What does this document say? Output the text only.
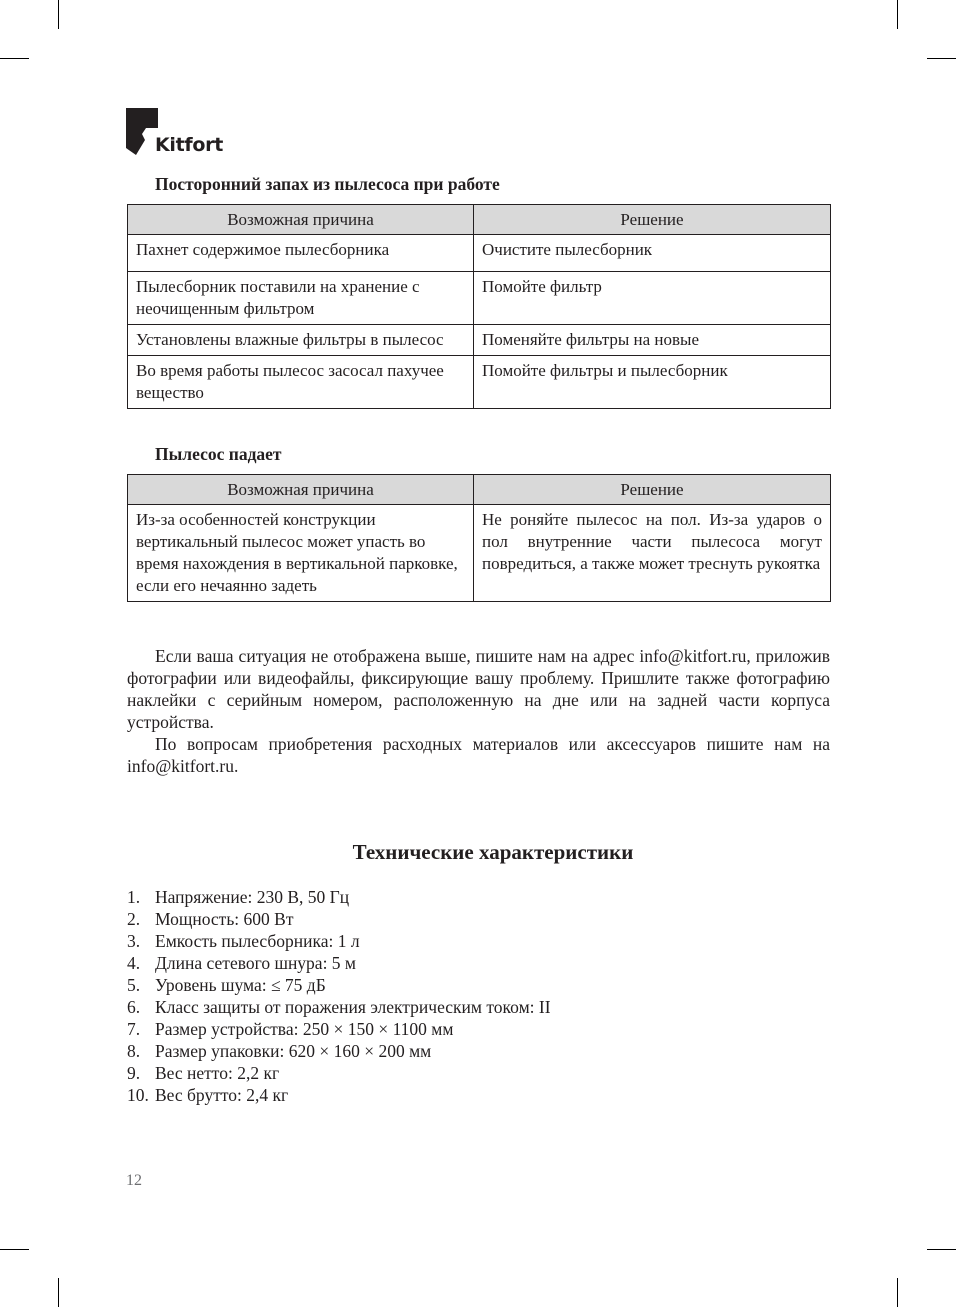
Kitfort
Посторонний запах из пылесоса при работе
Возможная причина	Решение
Пахнет содержимое пылесборника	Очистите пылесборник
Пылесборник поставили на хранение с неочищенным фильтром	Помойте фильтр
Установлены влажные фильтры в пылесос	Поменяйте фильтры на новые
Во время работы пылесос засосал пахучее вещество	Помойте фильтры и пылесборник
Пылесос падает
Возможная причина	Решение
Из-за особенностей конструкции вертикальный пылесос может упасть во время нахождения в вертикальной парковке, если его нечаянно задеть	Не роняйте пылесос на пол. Из-за ударов о пол внутренние части пылесоса могут повредиться, а также может треснуть рукоятка

Если ваша ситуация не отображена выше, пишите нам на адрес info@kitfort.ru, приложив фотографии или видеофайлы, фиксирующие вашу проблему. Пришлите также фотографию наклейки с серийным номером, расположенную на дне или на задней части корпуса устройства.

По вопросам приобретения расходных материалов или аксессуаров пишите нам на info@kitfort.ru.

Технические характеристики
1. Напряжение: 230 В, 50 Гц
2. Мощность: 600 Вт
3. Емкость пылесборника: 1 л
4. Длина сетевого шнура: 5 м
5. Уровень шума: ≤ 75 дБ
6. Класс защиты от поражения электрическим током: II
7. Размер устройства: 250 × 150 × 1100 мм
8. Размер упаковки: 620 × 160 × 200 мм
9. Вес нетто: 2,2 кг
10. Вес брутто: 2,4 кг
12
